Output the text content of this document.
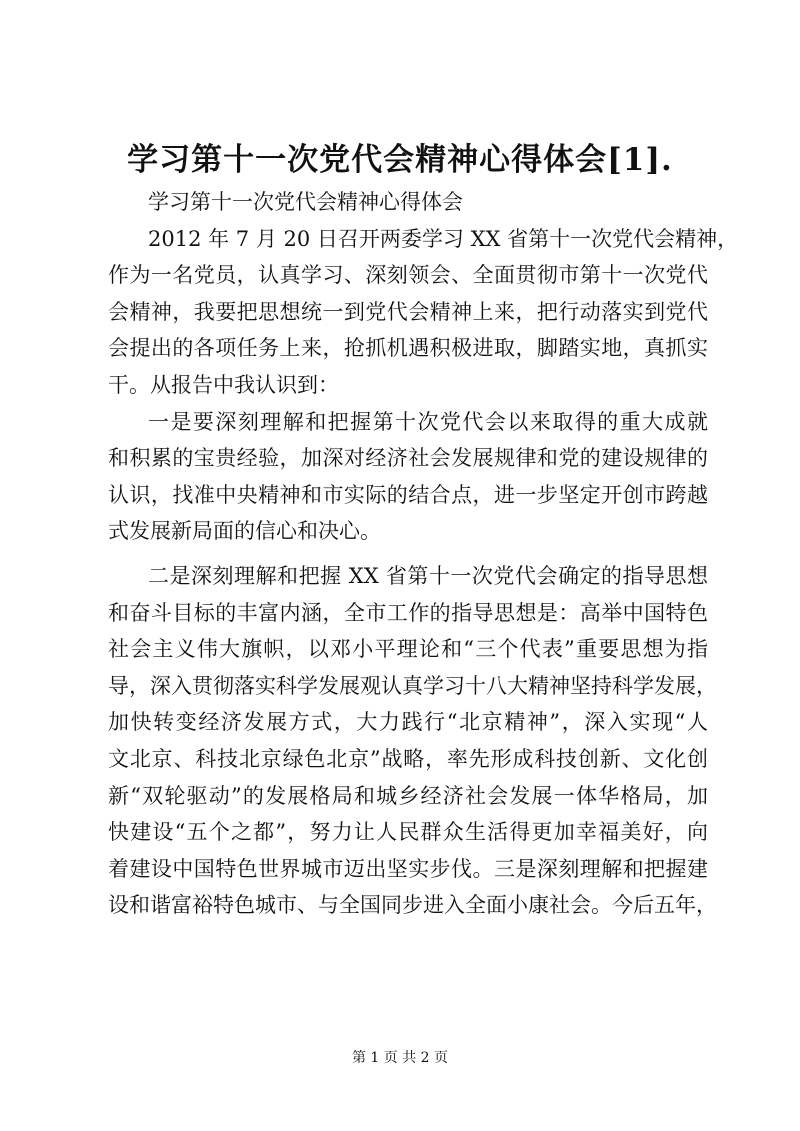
学习第十一次党代会精神心得体会[1].
学习第十一次党代会精神心得体会
2012 年 7 月 20 日召开两委学习 XX 省第十一次党代会精神，
作为一名党员，认真学习、深刻领会、全面贯彻市第十一次党代
会精神，我要把思想统一到党代会精神上来，把行动落实到党代
会提出的各项任务上来，抢抓机遇积极进取，脚踏实地，真抓实
干。从报告中我认识到：
一是要深刻理解和把握第十次党代会以来取得的重大成就
和积累的宝贵经验，加深对经济社会发展规律和党的建设规律的
认识，找准中央精神和市实际的结合点，进一步坚定开创市跨越
式发展新局面的信心和决心。
二是深刻理解和把握 XX 省第十一次党代会确定的指导思想
和奋斗目标的丰富内涵，全市工作的指导思想是：高举中国特色
社会主义伟大旗帜，以邓小平理论和“三个代表”重要思想为指
导，深入贯彻落实科学发展观认真学习十八大精神坚持科学发展，
加快转变经济发展方式，大力践行“北京精神”，深入实现“人
文北京、科技北京绿色北京”战略，率先形成科技创新、文化创
新“双轮驱动”的发展格局和城乡经济社会发展一体华格局，加
快建设“五个之都”，努力让人民群众生活得更加幸福美好，向
着建设中国特色世界城市迈出坚实步伐。三是深刻理解和把握建
设和谐富裕特色城市、与全国同步进入全面小康社会。今后五年，
第 1 页 共 2 页
